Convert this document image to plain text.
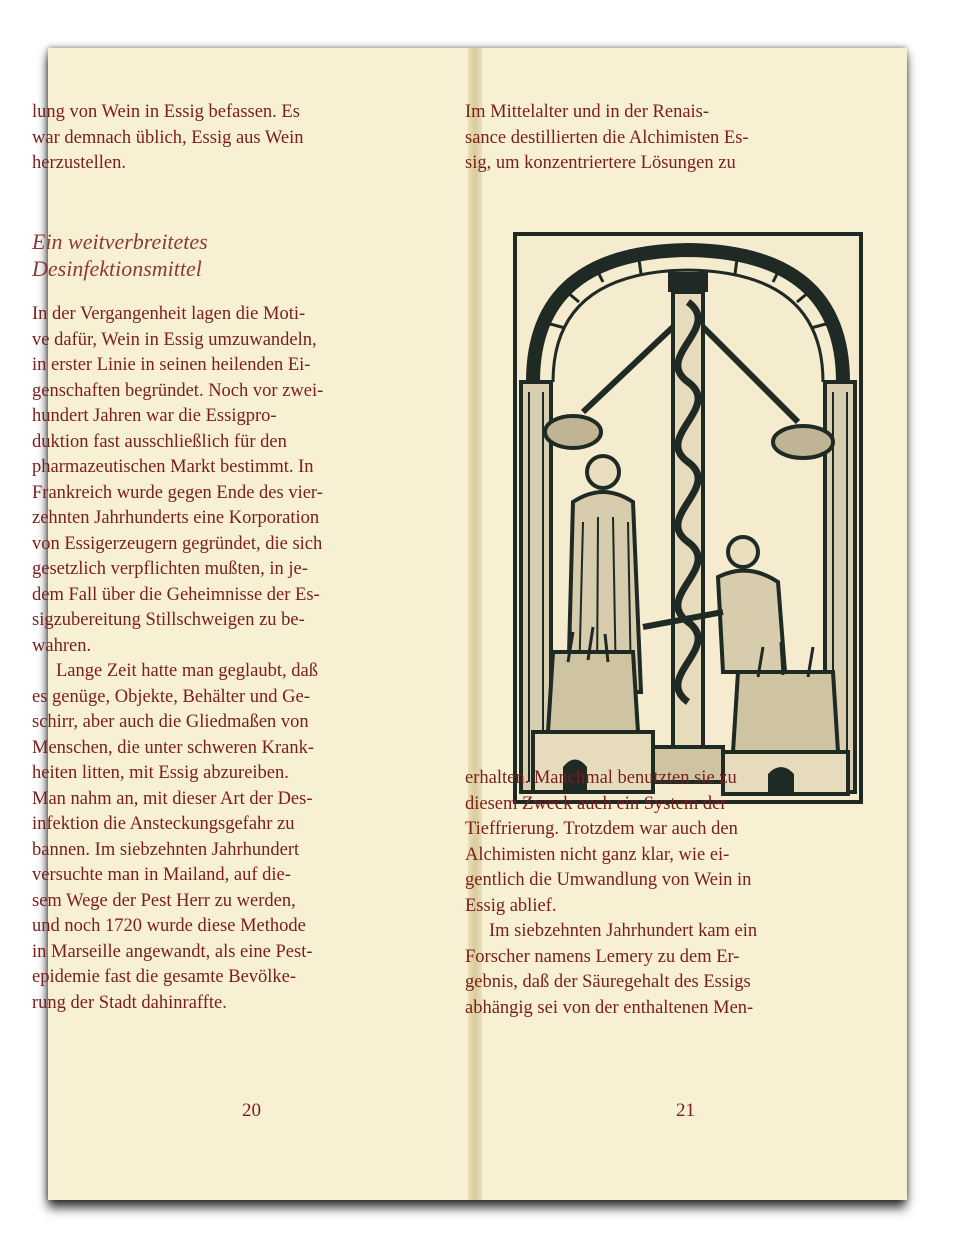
lung von Wein in Essig befassen. Es

war demnach üblich, Essig aus Wein

herzustellen.

Ein weitverbreitetes
Desinfektionsmittel

In der Vergangenheit lagen die Moti-

ve dafür, Wein in Essig umzuwandeln,

in erster Linie in seinen heilenden Ei-

genschaften begründet. Noch vor zwei-

hundert Jahren war die Essigpro-

duktion fast ausschließlich für den

pharmazeutischen Markt bestimmt. In

Frankreich wurde gegen Ende des vier-

zehnten Jahrhunderts eine Korporation

von Essigerzeugern gegründet, die sich

gesetzlich verpflichten mußten, in je-

dem Fall über die Geheimnisse der Es-

sigzubereitung Stillschweigen zu be-

wahren.

Lange Zeit hatte man geglaubt, daß

es genüge, Objekte, Behälter und Ge-

schirr, aber auch die Gliedmaßen von

Menschen, die unter schweren Krank-

heiten litten, mit Essig abzureiben.

Man nahm an, mit dieser Art der Des-

infektion die Ansteckungsgefahr zu

bannen. Im siebzehnten Jahrhundert

versuchte man in Mailand, auf die-

sem Wege der Pest Herr zu werden,

und noch 1720 wurde diese Methode

in Marseille angewandt, als eine Pest-

epidemie fast die gesamte Bevölke-

rung der Stadt dahinraffte.

20

Im Mittelalter und in der Renais-

sance destillierten die Alchimisten Es-

sig, um konzentriertere Lösungen zu

erhalten. Manchmal benutzten sie zu

diesem Zweck auch ein System der

Tieffrierung. Trotzdem war auch den

Alchimisten nicht ganz klar, wie ei-

gentlich die Umwandlung von Wein in

Essig ablief.

Im siebzehnten Jahrhundert kam ein

Forscher namens Lemery zu dem Er-

gebnis, daß der Säuregehalt des Essigs

abhängig sei von der enthaltenen Men-

21
